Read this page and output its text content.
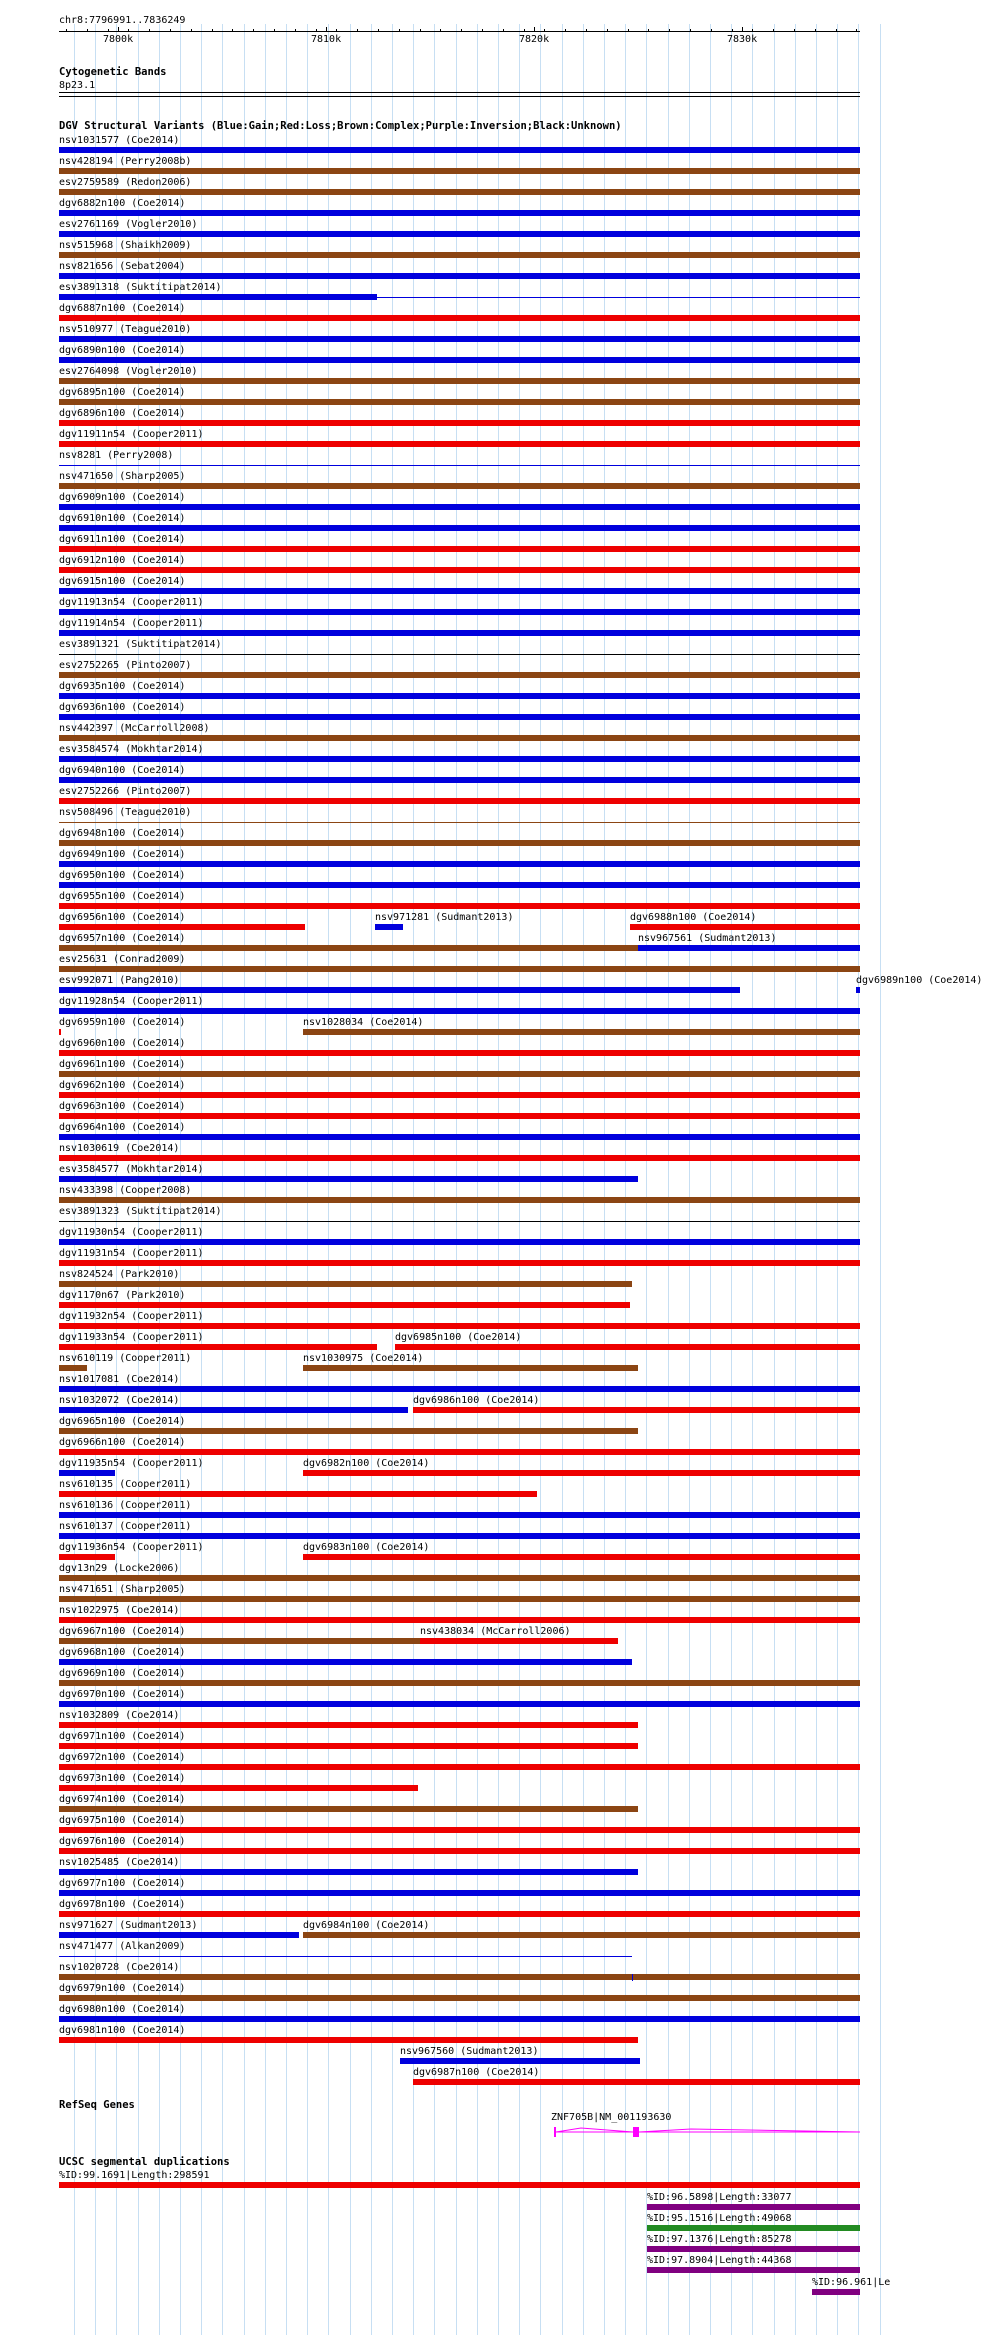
chr8:7796991..7836249
7800k	7810k	7820k	7830k
Cytogenetic Bands
8p23.1
DGV Structural Variants (Blue:Gain;Red:Loss;Brown:Complex;Purple:Inversion;Black:Unknown)
nsv1031577 (Coe2014)
nsv428194 (Perry2008b)
esv2759589 (Redon2006)
dgv6882n100 (Coe2014)
esv2761169 (Vogler2010)
nsv515968 (Shaikh2009)
nsv821656 (Sebat2004)
esv3891318 (Suktitipat2014)
dgv6887n100 (Coe2014)
nsv510977 (Teague2010)
dgv6890n100 (Coe2014)
esv2764098 (Vogler2010)
dgv6895n100 (Coe2014)
dgv6896n100 (Coe2014)
dgv11911n54 (Cooper2011)
nsv8281 (Perry2008)
nsv471650 (Sharp2005)
dgv6909n100 (Coe2014)
dgv6910n100 (Coe2014)
dgv6911n100 (Coe2014)
dgv6912n100 (Coe2014)
dgv6915n100 (Coe2014)
dgv11913n54 (Cooper2011)
dgv11914n54 (Cooper2011)
esv3891321 (Suktitipat2014)
esv2752265 (Pinto2007)
dgv6935n100 (Coe2014)
dgv6936n100 (Coe2014)
nsv442397 (McCarroll2008)
esv3584574 (Mokhtar2014)
dgv6940n100 (Coe2014)
esv2752266 (Pinto2007)
nsv508496 (Teague2010)
dgv6948n100 (Coe2014)
dgv6949n100 (Coe2014)
dgv6950n100 (Coe2014)
dgv6955n100 (Coe2014)
dgv6956n100 (Coe2014)	nsv971281 (Sudmant2013)	dgv6988n100 (Coe2014)
dgv6957n100 (Coe2014)	nsv967561 (Sudmant2013)
esv25631 (Conrad2009)
esv992071 (Pang2010)	dgv6989n100 (Coe2014)
dgv11928n54 (Cooper2011)
dgv6959n100 (Coe2014)	nsv1028034 (Coe2014)
dgv6960n100 (Coe2014)
dgv6961n100 (Coe2014)
dgv6962n100 (Coe2014)
dgv6963n100 (Coe2014)
dgv6964n100 (Coe2014)
nsv1030619 (Coe2014)
esv3584577 (Mokhtar2014)
nsv433398 (Cooper2008)
esv3891323 (Suktitipat2014)
dgv11930n54 (Cooper2011)
dgv11931n54 (Cooper2011)
nsv824524 (Park2010)
dgv1170n67 (Park2010)
dgv11932n54 (Cooper2011)
dgv11933n54 (Cooper2011)	dgv6985n100 (Coe2014)
nsv610119 (Cooper2011)	nsv1030975 (Coe2014)
nsv1017081 (Coe2014)
nsv1032072 (Coe2014)	dgv6986n100 (Coe2014)
dgv6965n100 (Coe2014)
dgv6966n100 (Coe2014)
dgv11935n54 (Cooper2011)	dgv6982n100 (Coe2014)
nsv610135 (Cooper2011)
nsv610136 (Cooper2011)
nsv610137 (Cooper2011)
dgv11936n54 (Cooper2011)	dgv6983n100 (Coe2014)
dgv13n29 (Locke2006)
nsv471651 (Sharp2005)
nsv1022975 (Coe2014)
dgv6967n100 (Coe2014)	nsv438034 (McCarroll2006)
dgv6968n100 (Coe2014)
dgv6969n100 (Coe2014)
dgv6970n100 (Coe2014)
nsv1032809 (Coe2014)
dgv6971n100 (Coe2014)
dgv6972n100 (Coe2014)
dgv6973n100 (Coe2014)
dgv6974n100 (Coe2014)
dgv6975n100 (Coe2014)
dgv6976n100 (Coe2014)
nsv1025485 (Coe2014)
dgv6977n100 (Coe2014)
dgv6978n100 (Coe2014)
nsv971627 (Sudmant2013)	dgv6984n100 (Coe2014)
nsv471477 (Alkan2009)
nsv1020728 (Coe2014)
dgv6979n100 (Coe2014)
dgv6980n100 (Coe2014)
dgv6981n100 (Coe2014)
nsv967560 (Sudmant2013)
dgv6987n100 (Coe2014)
RefSeq Genes
ZNF705B|NM_001193630
UCSC segmental duplications
%ID:99.1691|Length:298591
%ID:96.5898|Length:33077
%ID:95.1516|Length:49068
%ID:97.1376|Length:85278
%ID:97.8904|Length:44368
%ID:96.961|Le
